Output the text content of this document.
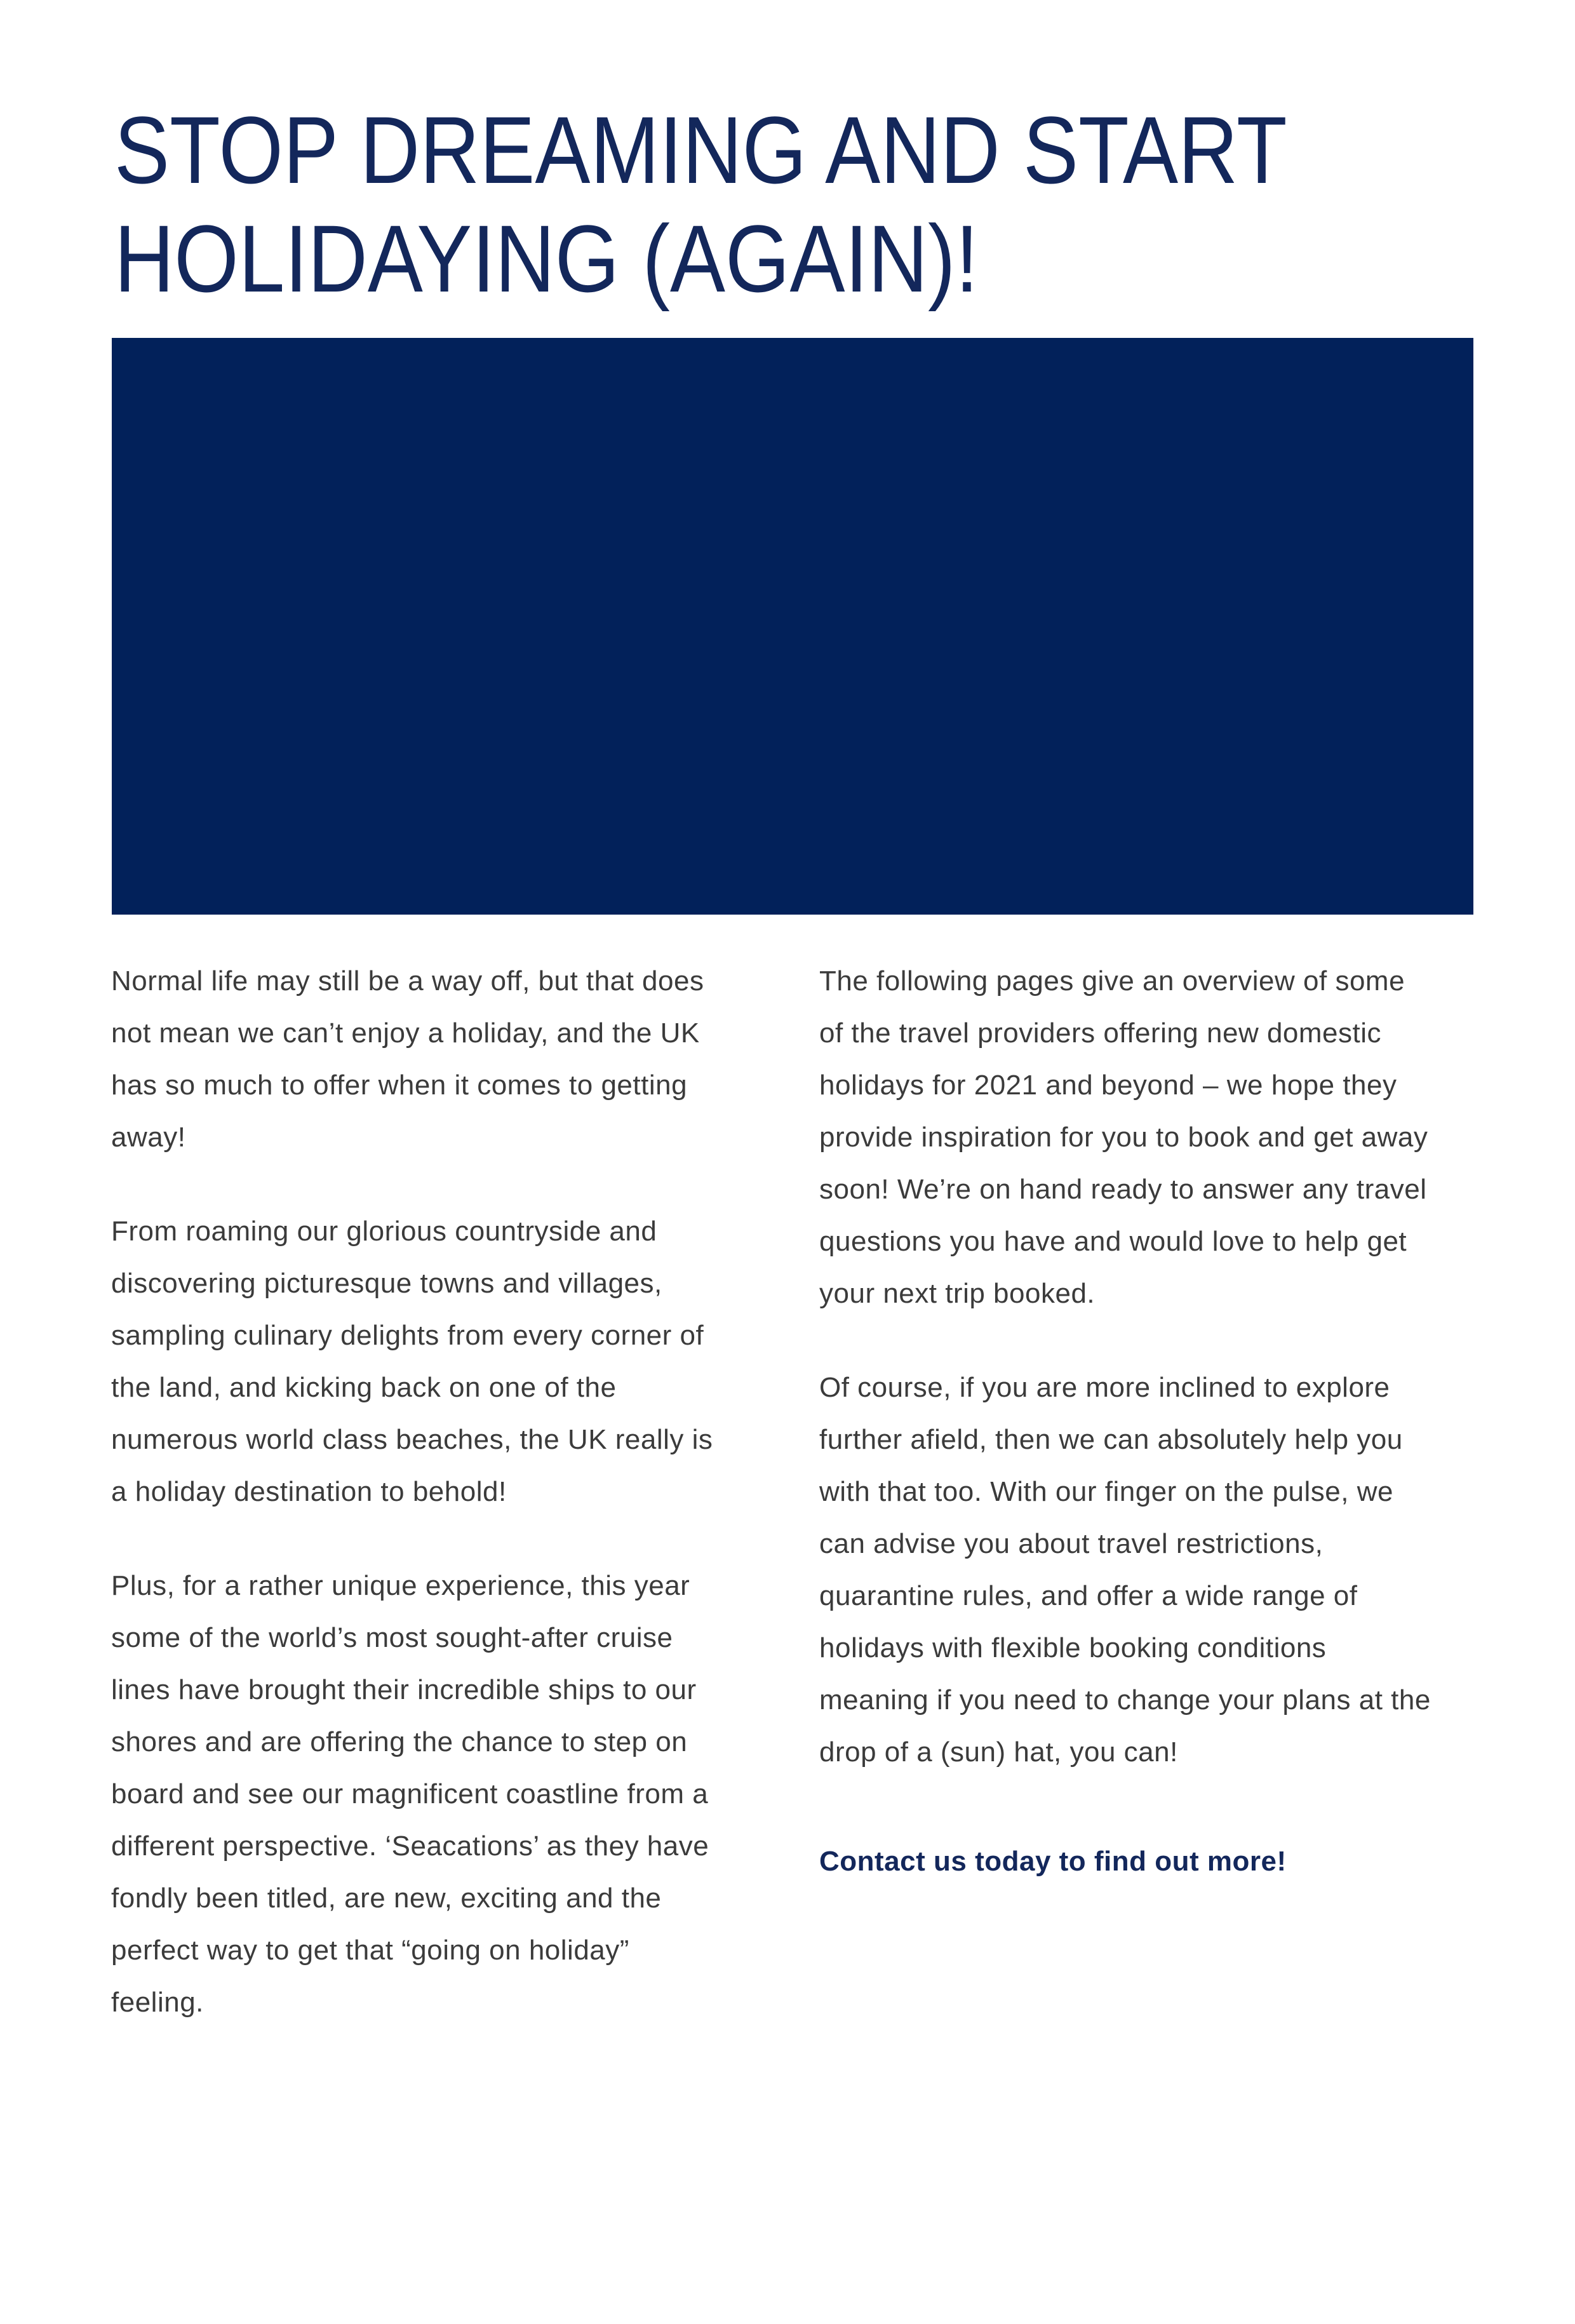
STOP DREAMING AND START HOLIDAYING (AGAIN)!

Normal life may still be a way off, but that does not mean we can’t enjoy a holiday, and the UK has so much to offer when it comes to getting away!

From roaming our glorious countryside and discovering picturesque towns and villages, sampling culinary delights from every corner of the land, and kicking back on one of the numerous world class beaches, the UK really is a holiday destination to behold!

Plus, for a rather unique experience, this year some of the world’s most sought-after cruise lines have brought their incredible ships to our shores and are offering the chance to step on board and see our magnificent coastline from a different perspective. ‘Seacations’ as they have fondly been titled, are new, exciting and the perfect way to get that “going on holiday” feeling.

The following pages give an overview of some of the travel providers offering new domestic holidays for 2021 and beyond – we hope they provide inspiration for you to book and get away soon! We’re on hand ready to answer any travel questions you have and would love to help get your next trip booked.

Of course, if you are more inclined to explore further afield, then we can absolutely help you with that too. With our finger on the pulse, we can advise you about travel restrictions, quarantine rules, and offer a wide range of holidays with flexible booking conditions meaning if you need to change your plans at the drop of a (sun) hat, you can!

Contact us today to find out more!
